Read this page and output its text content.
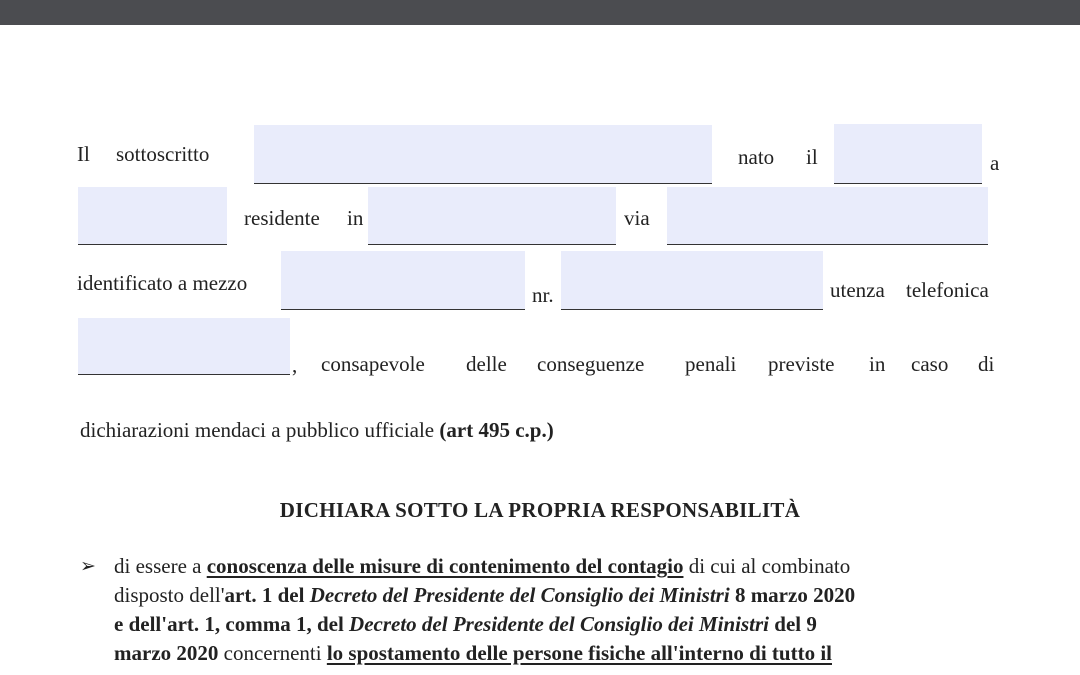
Il sottoscritto	nato il	a
residente in	via
identificato a mezzo	nr.	utenza telefonica
, consapevole delle conseguenze penali previste in caso di
dichiarazioni mendaci a pubblico ufficiale (art 495 c.p.)
DICHIARA SOTTO LA PROPRIA RESPONSABILITÀ
➢ di essere a conoscenza delle misure di contenimento del contagio di cui al combinato
disposto dell'art. 1 del Decreto del Presidente del Consiglio dei Ministri 8 marzo 2020
e dell'art. 1, comma 1, del Decreto del Presidente del Consiglio dei Ministri del 9
marzo 2020 concernenti lo spostamento delle persone fisiche all'interno di tutto il
